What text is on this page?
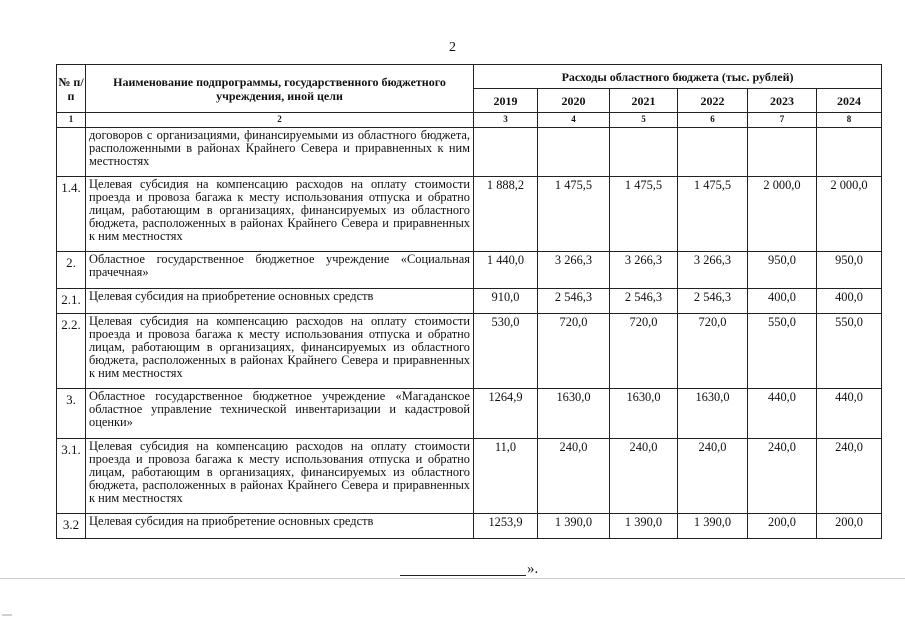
2
№ п/п	Наименование подпрограммы, государственного бюджетного учреждения, иной цели	Расходы областного бюджета (тыс. рублей)					
		2019	2020	2021	2022	2023	2024
1	2	3	4	5	6	7	8
	договоров с организациями, финансируемыми из областного бюджета, расположенными в районах Крайнего Севера и приравненных к ним местностях						
1.4.	Целевая субсидия на компенсацию расходов на оплату стоимости проезда и провоза багажа к месту использования отпуска и обратно лицам, работающим в организациях, финансируемых из областного бюджета, расположенных в районах Крайнего Севера и приравненных к ним местностях	1 888,2	1 475,5	1 475,5	1 475,5	2 000,0	2 000,0
2.	Областное государственное бюджетное учреждение «Социальная прачечная»	1 440,0	3 266,3	3 266,3	3 266,3	950,0	950,0
2.1.	Целевая субсидия на приобретение основных средств	910,0	2 546,3	2 546,3	2 546,3	400,0	400,0
2.2.	Целевая субсидия на компенсацию расходов на оплату стоимости проезда и провоза багажа к месту использования отпуска и обратно лицам, работающим в организациях, финансируемых из областного бюджета, расположенных в районах Крайнего Севера и приравненных к ним местностях	530,0	720,0	720,0	720,0	550,0	550,0
3.	Областное государственное бюджетное учреждение «Магаданское областное управление технической инвентаризации и кадастровой оценки»	1264,9	1630,0	1630,0	1630,0	440,0	440,0
3.1.	Целевая субсидия на компенсацию расходов на оплату стоимости проезда и провоза багажа к месту использования отпуска и обратно лицам, работающим в организациях, финансируемых из областного бюджета, расположенных в районах Крайнего Севера и приравненных к ним местностях	11,0	240,0	240,0	240,0	240,0	240,0
3.2	Целевая субсидия на приобретение основных средств	1253,9	1 390,0	1 390,0	1 390,0	200,0	200,0
».
